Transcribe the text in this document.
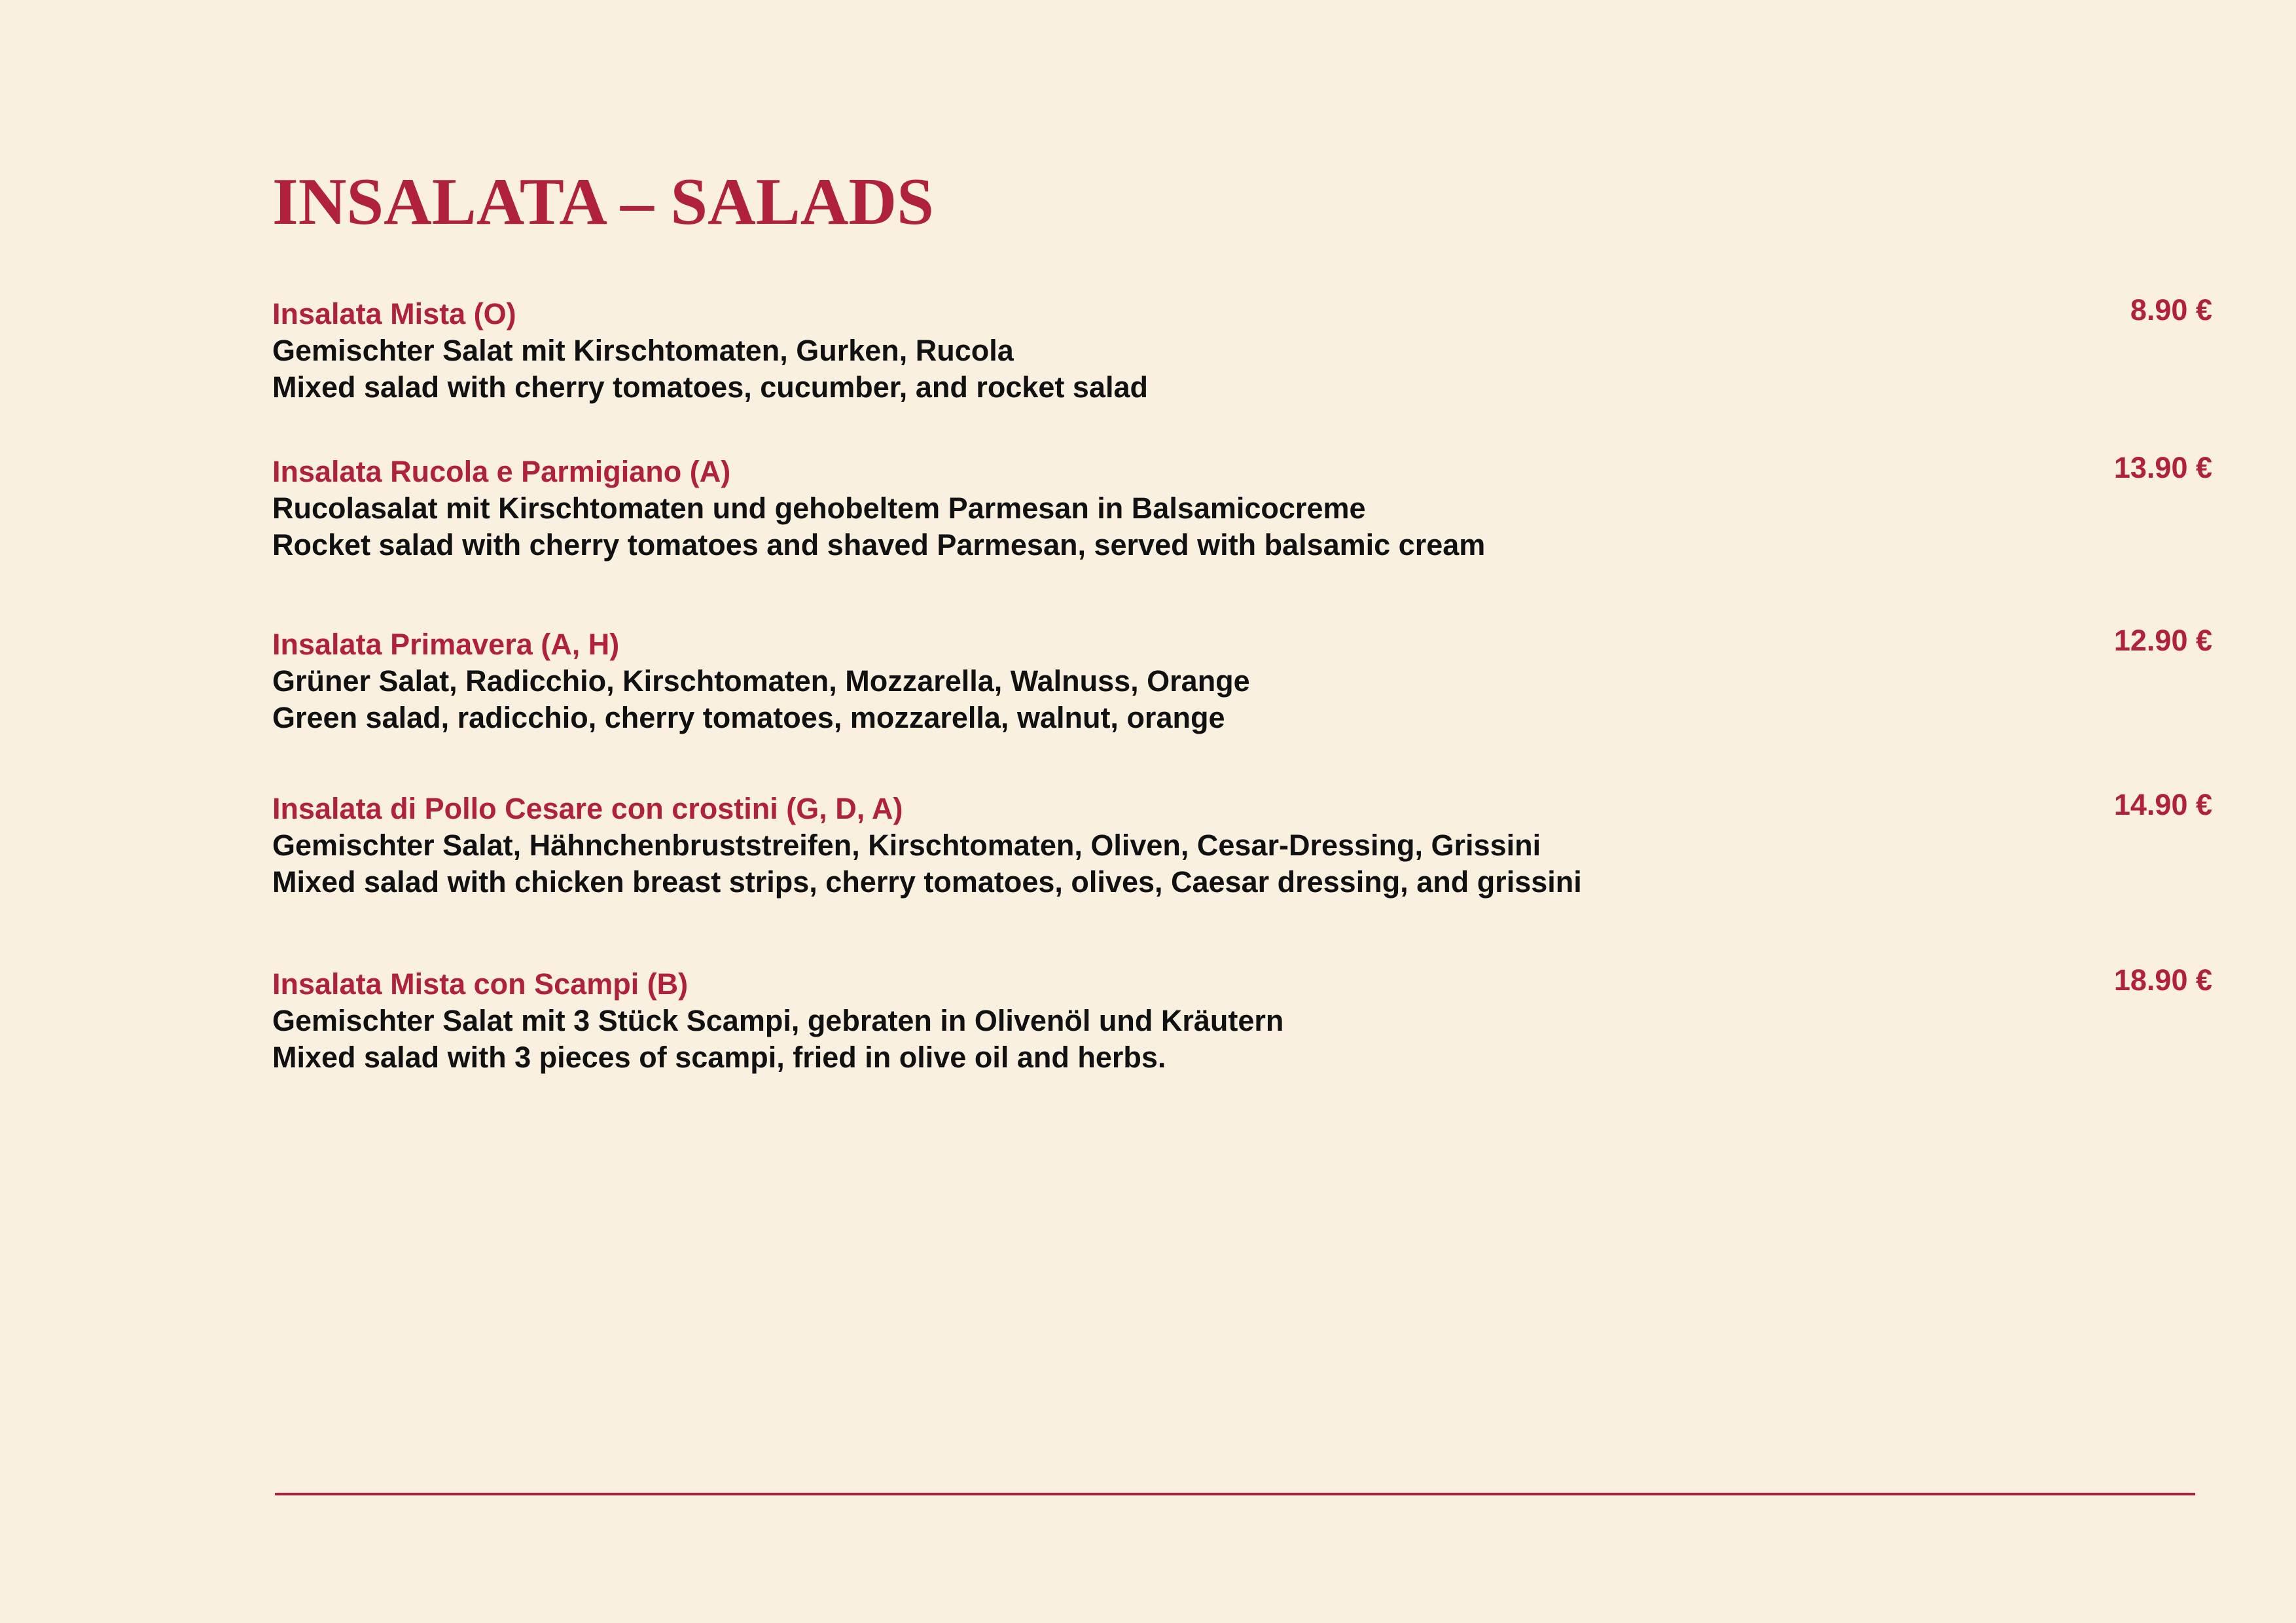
INSALATA – SALADS
Insalata Mista (O)
Gemischter Salat mit Kirschtomaten, Gurken, Rucola
Mixed salad with cherry tomatoes, cucumber, and rocket salad
8.90 €
Insalata Rucola e Parmigiano (A)
Rucolasalat mit Kirschtomaten und gehobeltem Parmesan in Balsamicocreme
Rocket salad with cherry tomatoes and shaved Parmesan, served with balsamic cream
13.90 €
Insalata Primavera (A, H)
Grüner Salat, Radicchio, Kirschtomaten, Mozzarella, Walnuss, Orange
Green salad, radicchio, cherry tomatoes, mozzarella, walnut, orange
12.90 €
Insalata di Pollo Cesare con crostini (G, D, A)
Gemischter Salat, Hähnchenbruststreifen, Kirschtomaten, Oliven, Cesar-Dressing, Grissini
Mixed salad with chicken breast strips, cherry tomatoes, olives, Caesar dressing, and grissini
14.90 €
Insalata Mista con Scampi (B)
Gemischter Salat mit 3 Stück Scampi, gebraten in Olivenöl und Kräutern
Mixed salad with 3 pieces of scampi, fried in olive oil and herbs.
18.90 €
